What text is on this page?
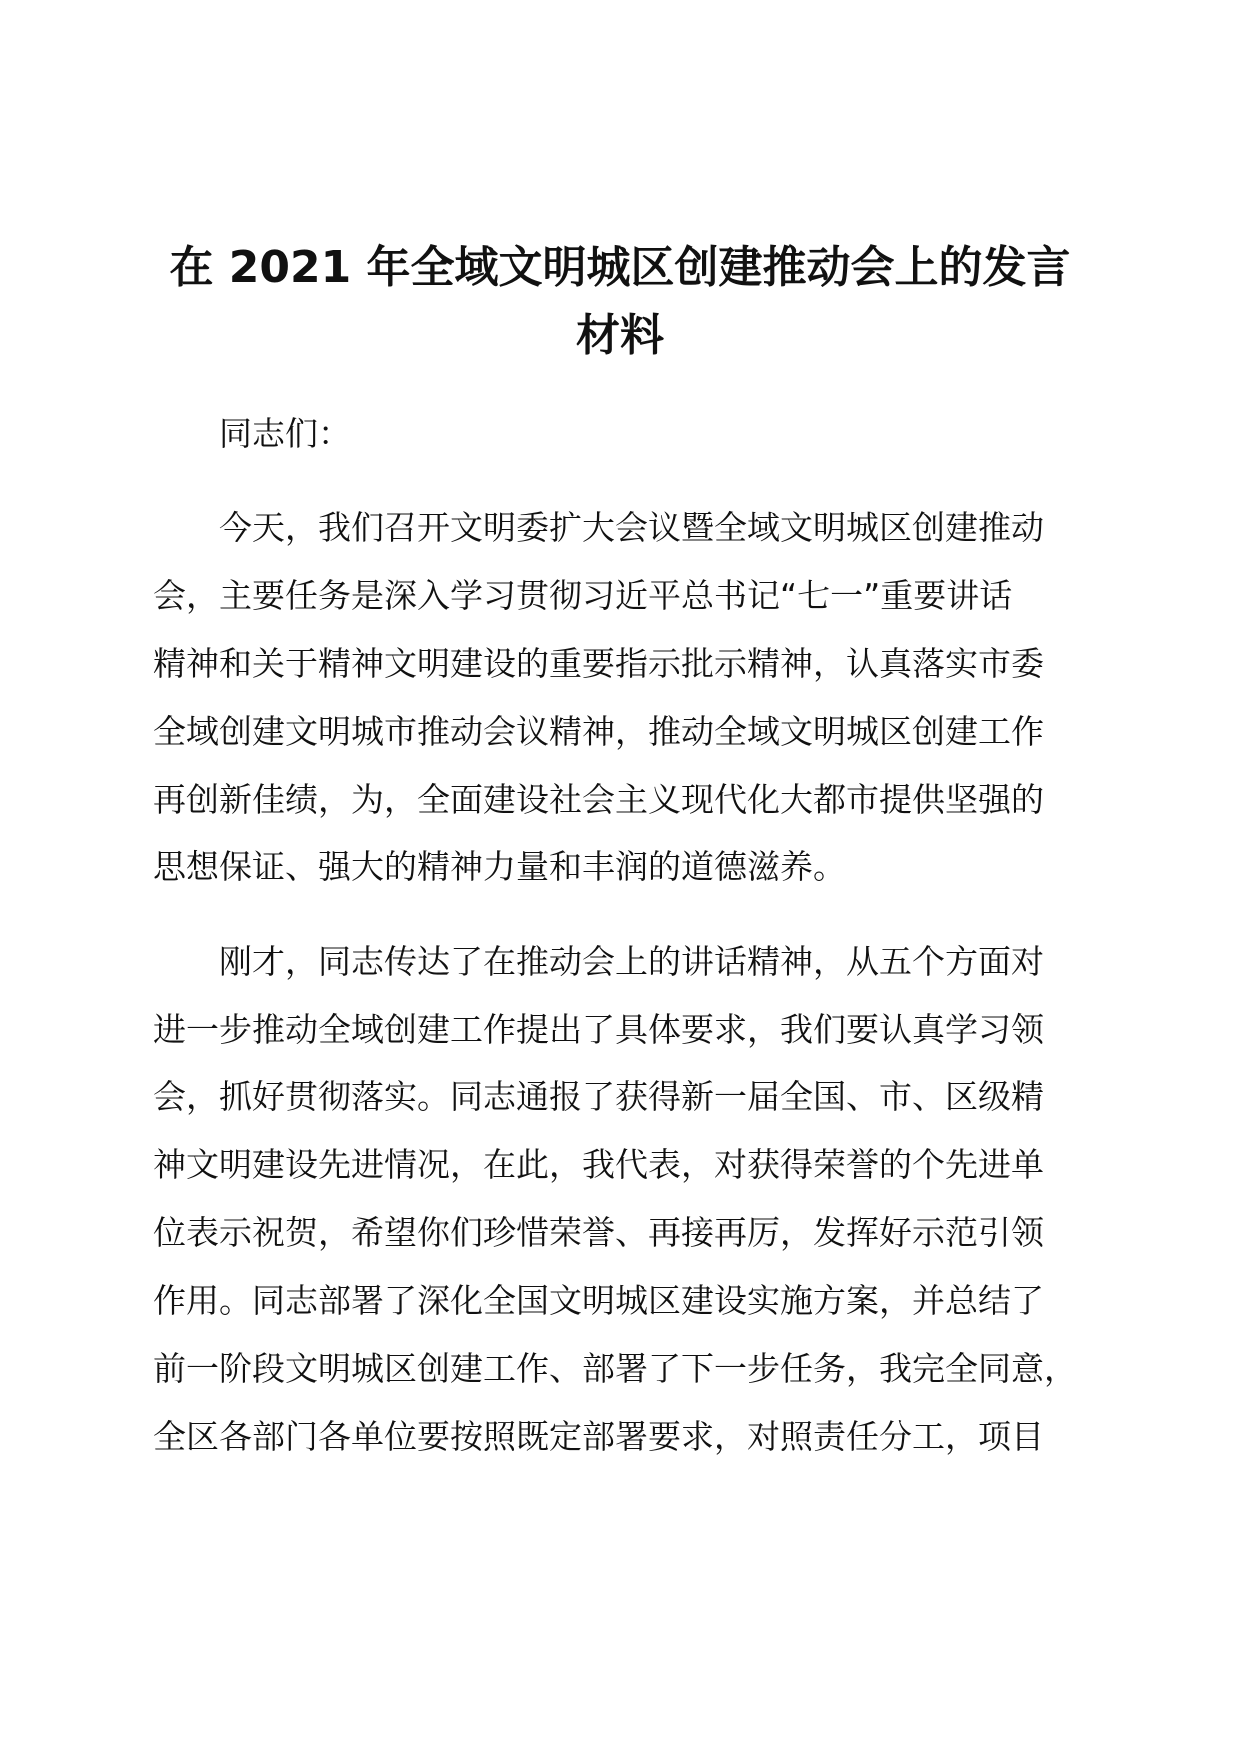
在 2021 年全域文明城区创建推动会上的发言
材料

同志们：

今天，我们召开文明委扩大会议暨全域文明城区创建推动

会，主要任务是深入学习贯彻习近平总书记“七一”重要讲话

精神和关于精神文明建设的重要指示批示精神，认真落实市委

全域创建文明城市推动会议精神，推动全域文明城区创建工作

再创新佳绩，为，全面建设社会主义现代化大都市提供坚强的

思想保证、强大的精神力量和丰润的道德滋养。

刚才，同志传达了在推动会上的讲话精神，从五个方面对

进一步推动全域创建工作提出了具体要求，我们要认真学习领

会，抓好贯彻落实。同志通报了获得新一届全国、市、区级精

神文明建设先进情况，在此，我代表，对获得荣誉的个先进单

位表示祝贺，希望你们珍惜荣誉、再接再厉，发挥好示范引领

作用。同志部署了深化全国文明城区建设实施方案，并总结了

前一阶段文明城区创建工作、部署了下一步任务，我完全同意，

全区各部门各单位要按照既定部署要求，对照责任分工，项目
